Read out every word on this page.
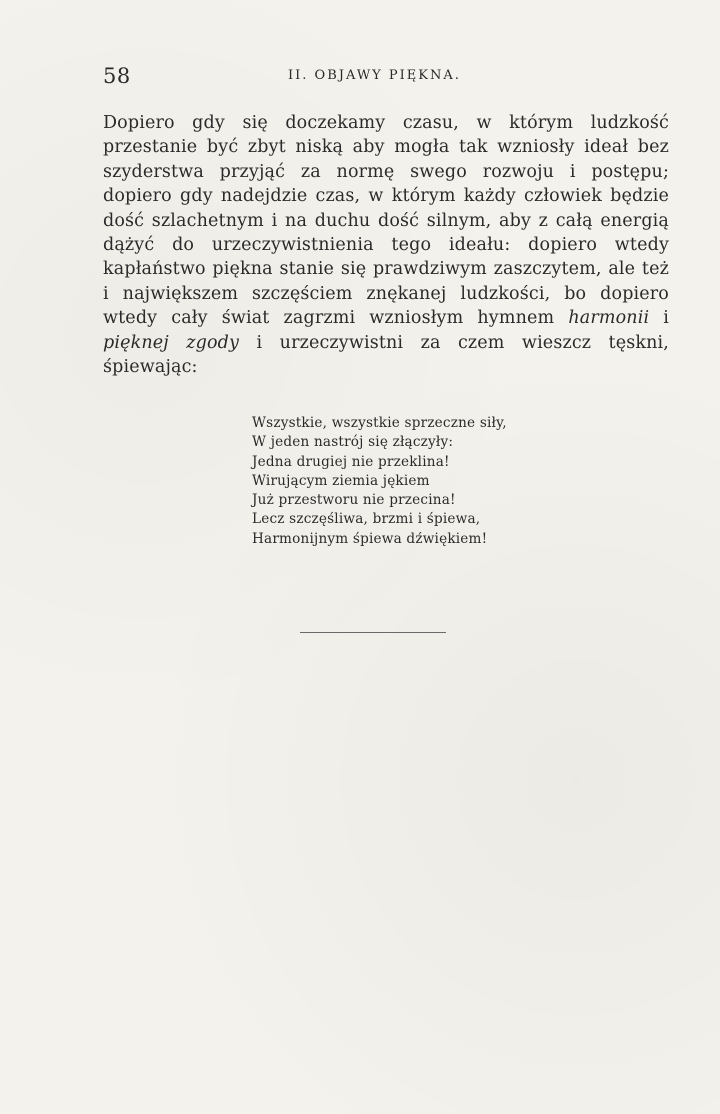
58	II. OBJAWY PIĘKNA.

Dopiero gdy się doczekamy czasu, w którym ludzkość przestanie być zbyt niską aby mogła tak wzniosły ideał bez szyderstwa przyjąć za normę swego rozwoju i postępu; dopiero gdy nadejdzie czas, w którym każdy człowiek będzie dość szlachetnym i na duchu dość silnym, aby z całą energią dążyć do urzeczywistnienia tego ideału: dopiero wtedy kapłaństwo piękna stanie się prawdziwym zaszczytem, ale też i największem szczęściem znękanej ludzkości, bo dopiero wtedy cały świat zagrzmi wzniosłym hymnem harmonii i pięknej zgody i urzeczywistni za czem wieszcz tęskni, śpiewając:

Wszystkie, wszystkie sprzeczne siły,
W jeden nastrój się złączyły:
Jedna drugiej nie przeklina!
Wirującym ziemia jękiem
Już przestworu nie przecina!
Lecz szczęśliwa, brzmi i śpiewa,
Harmonijnym śpiewa dźwiękiem!
